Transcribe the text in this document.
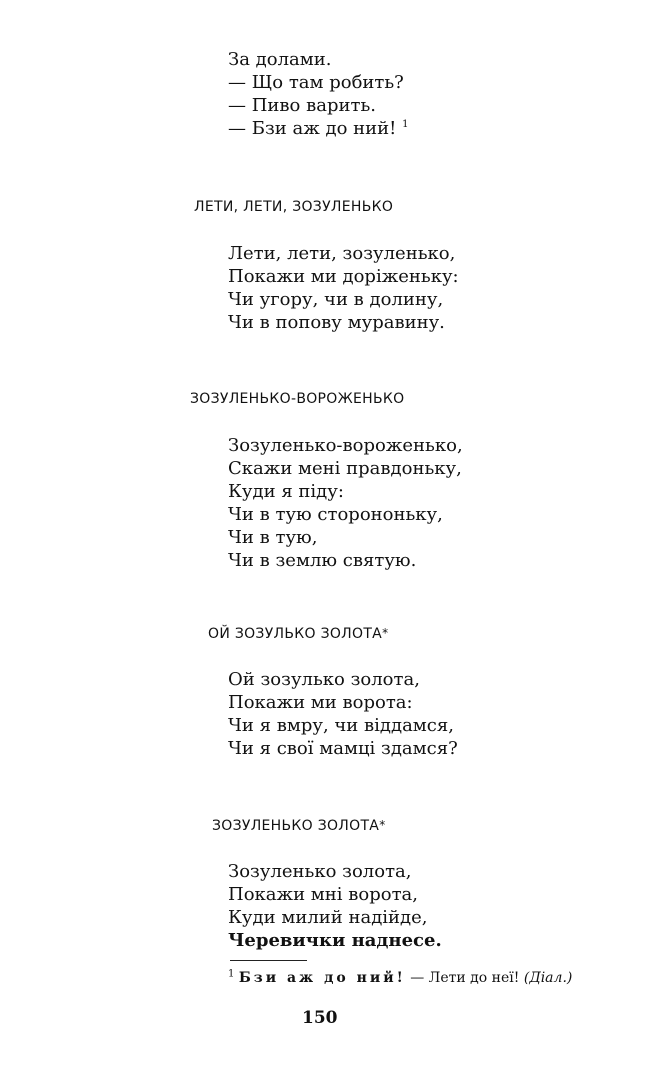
За долами.
— Що там робить?
— Пиво варить.
— Бзи аж до ний! $^1$
ЛЕТИ, ЛЕТИ, ЗОЗУЛЕНЬКО
Лети, лети, зозуленько,
Покажи ми доріженьку:
Чи угору, чи в долину,
Чи в попову муравину.
ЗОЗУЛЕНЬКО-ВОРОЖЕНЬКО
Зозуленько-вороженько,
Скажи мені правдоньку,
Куди я піду:
Чи в тую сторононьку,
Чи в тую,
Чи в землю святую.
ОЙ ЗОЗУЛЬКО ЗОЛОТА*
Ой зозулько золота,
Покажи ми ворота:
Чи я вмру, чи віддамся,
Чи я свої мамці здамся?
ЗОЗУЛЕНЬКО ЗОЛОТА*
Зозуленько золота,
Покажи мні ворота,
Куди милий надійде,
Черевички наднесе.
$^1$ Бзи аж до ний! — Лети до неї! (Діал.)
150
